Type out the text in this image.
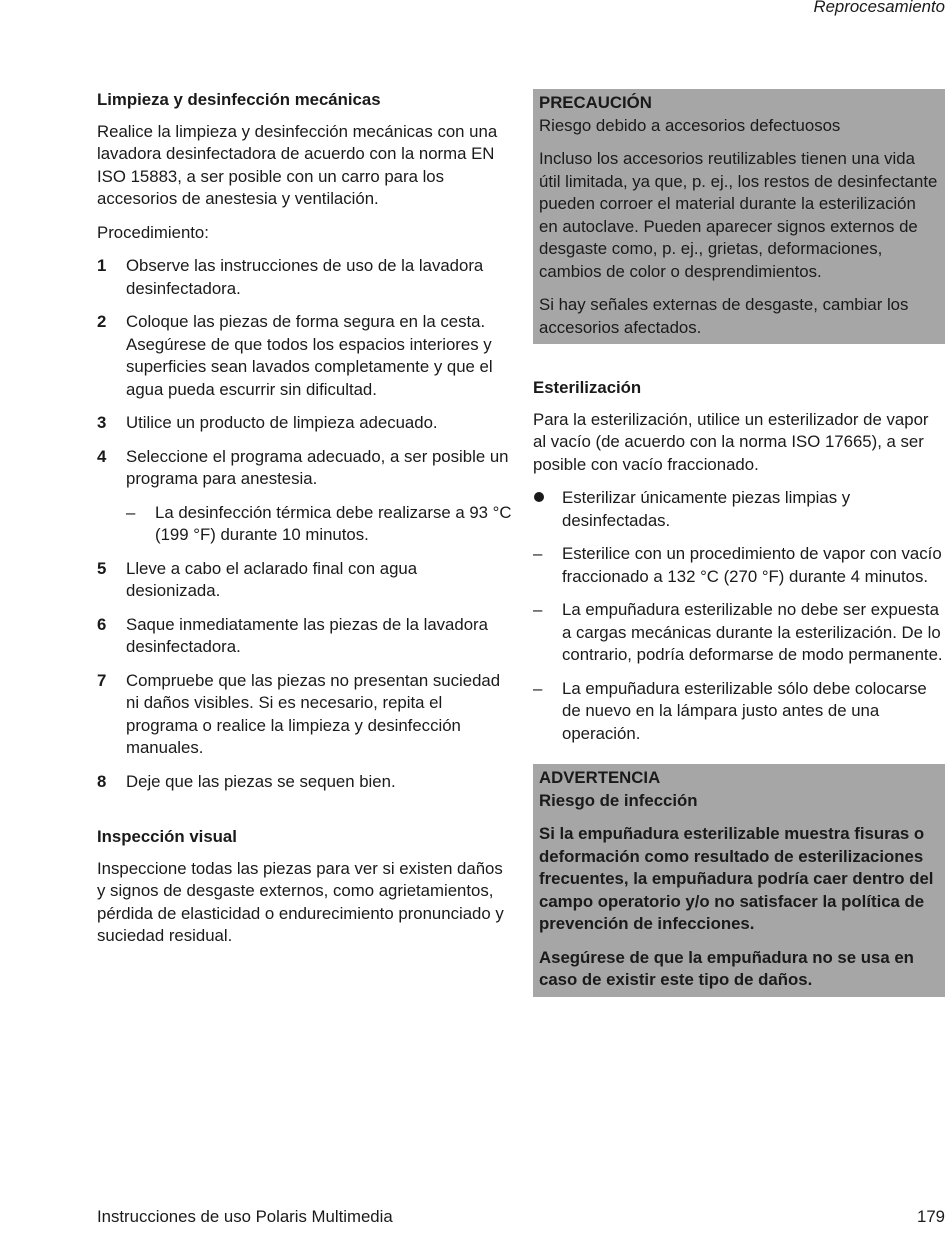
Reprocesamiento
Limpieza y desinfección mecánicas

Realice la limpieza y desinfección mecánicas con una lavadora desinfectadora de acuerdo con la norma EN ISO 15883, a ser posible con un carro para los accesorios de anestesia y ventilación.

Procedimiento:

1	Observe las instrucciones de uso de la lavadora desinfectadora.
2	Coloque las piezas de forma segura en la cesta. Asegúrese de que todos los espacios interiores y superficies sean lavados completamente y que el agua pueda escurrir sin dificultad.
3	Utilice un producto de limpieza adecuado.
4	Seleccione el programa adecuado, a ser posible un programa para anestesia.
–	La desinfección térmica debe realizarse a 93 °C (199 °F) durante 10 minutos.
5	Lleve a cabo el aclarado final con agua desionizada.
6	Saque inmediatamente las piezas de la lavadora desinfectadora.
7	Compruebe que las piezas no presentan suciedad ni daños visibles. Si es necesario, repita el programa o realice la limpieza y desinfección manuales.
8	Deje que las piezas se sequen bien.
Inspección visual

Inspeccione todas las piezas para ver si existen daños y signos de desgaste externos, como agrietamientos, pérdida de elasticidad o endurecimiento pronunciado y suciedad residual.

PRECAUCIÓN

Riesgo debido a accesorios defectuosos

Incluso los accesorios reutilizables tienen una vida útil limitada, ya que, p. ej., los restos de desinfectante pueden corroer el material durante la esterilización en autoclave. Pueden aparecer signos externos de desgaste como, p. ej., grietas, deformaciones, cambios de color o desprendimientos.

Si hay señales externas de desgaste, cambiar los accesorios afectados.

Esterilización

Para la esterilización, utilice un esterilizador de vapor al vacío (de acuerdo con la norma ISO 17665), a ser posible con vacío fraccionado.

Esterilizar únicamente piezas limpias y desinfectadas.
–	Esterilice con un procedimiento de vapor con vacío fraccionado a 132 °C (270 °F) durante 4 minutos.
–	La empuñadura esterilizable no debe ser expuesta a cargas mecánicas durante la esterilización. De lo contrario, podría deformarse de modo permanente.
–	La empuñadura esterilizable sólo debe colocarse de nuevo en la lámpara justo antes de una operación.
ADVERTENCIA

Riesgo de infección

Si la empuñadura esterilizable muestra fisuras o deformación como resultado de esterilizaciones frecuentes, la empuñadura podría caer dentro del campo operatorio y/o no satisfacer la política de prevención de infecciones.

Asegúrese de que la empuñadura no se usa en caso de existir este tipo de daños.

Instrucciones de uso Polaris Multimedia	179
